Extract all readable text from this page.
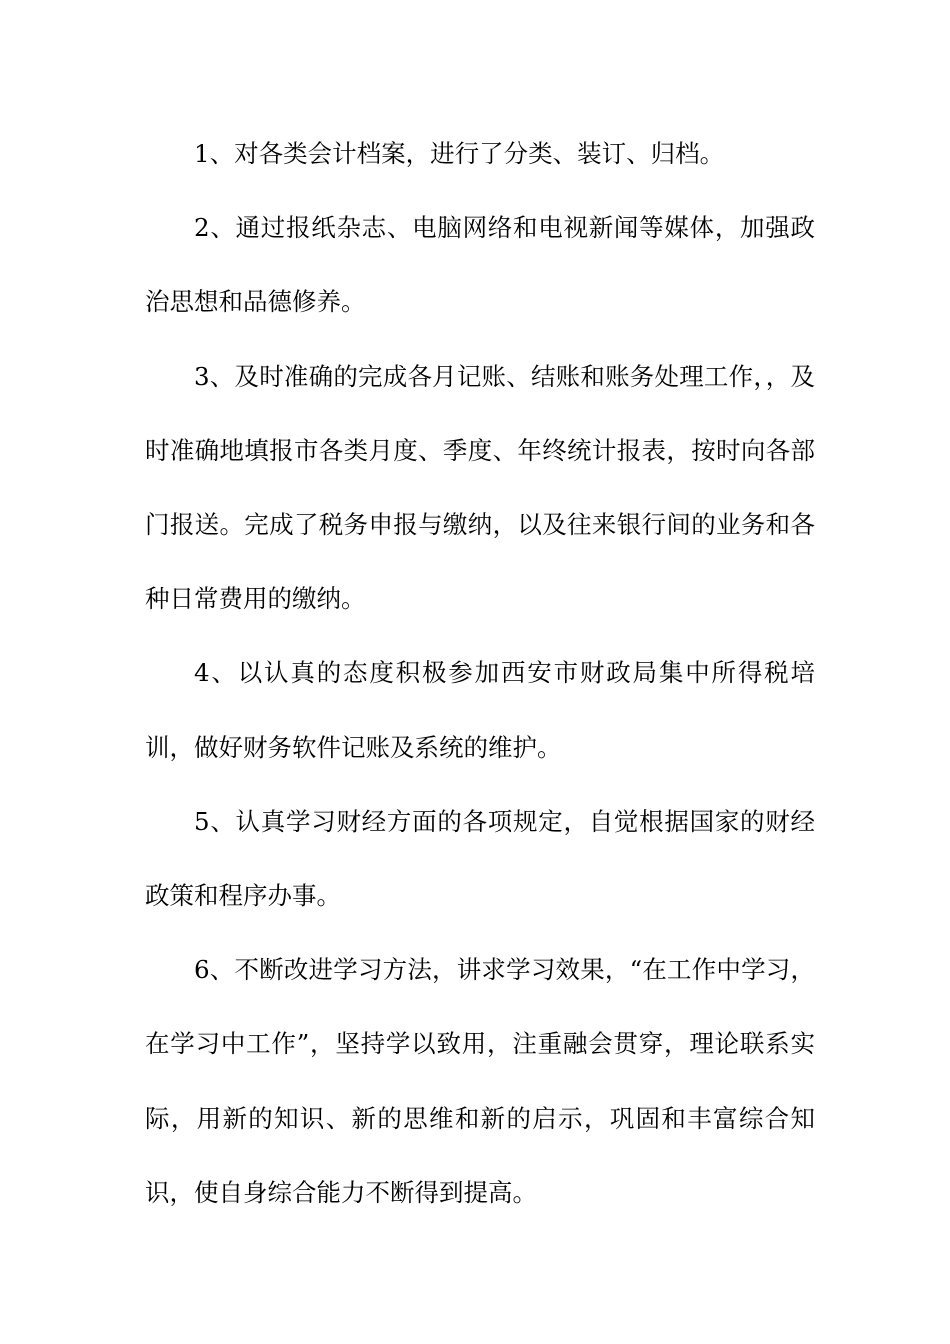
1、对各类会计档案，进行了分类、装订、归档。

2、通过报纸杂志、电脑网络和电视新闻等媒体，加强政治思想和品德修养。

3、及时准确的完成各月记账、结账和账务处理工作，，及时准确地填报市各类月度、季度、年终统计报表，按时向各部门报送。完成了税务申报与缴纳，以及往来银行间的业务和各种日常费用的缴纳。

4、以认真的态度积极参加西安市财政局集中所得税培训，做好财务软件记账及系统的维护。

5、认真学习财经方面的各项规定，自觉根据国家的财经政策和程序办事。

6、不断改进学习方法，讲求学习效果，“在工作中学习，在学习中工作”，坚持学以致用，注重融会贯穿，理论联系实际，用新的知识、新的思维和新的启示，巩固和丰富综合知识，使自身综合能力不断得到提高。
